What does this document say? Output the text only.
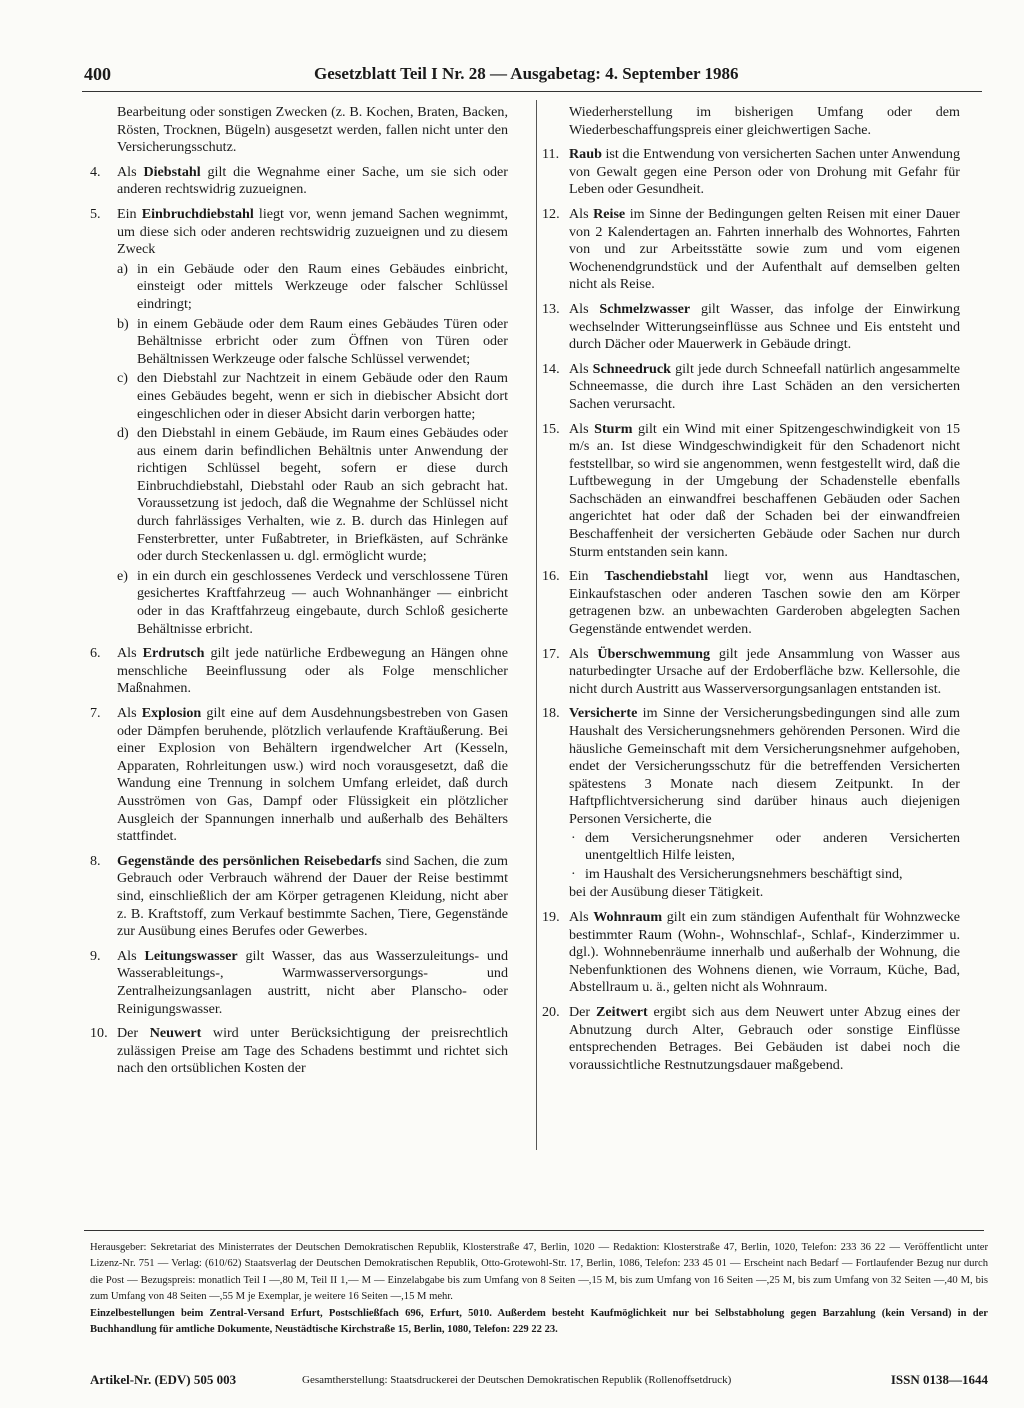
400	Gesetzblatt Teil I Nr. 28 — Ausgabetag: 4. September 1986
Bearbeitung oder sonstigen Zwecken (z. B. Kochen, Braten, Backen, Rösten, Trocknen, Bügeln) ausgesetzt werden, fallen nicht unter den Versicherungsschutz.
4. Als Diebstahl gilt die Wegnahme einer Sache, um sie sich oder anderen rechtswidrig zuzueignen.
5. Ein Einbruchdiebstahl liegt vor, wenn jemand Sachen wegnimmt, um diese sich oder anderen rechtswidrig zuzueignen und zu diesem Zweck
a) in ein Gebäude oder den Raum eines Gebäudes einbricht, einsteigt oder mittels Werkzeuge oder falscher Schlüssel eindringt;
b) in einem Gebäude oder dem Raum eines Gebäudes Türen oder Behältnisse erbricht oder zum Öffnen von Türen oder Behältnissen Werkzeuge oder falsche Schlüssel verwendet;
c) den Diebstahl zur Nachtzeit in einem Gebäude oder den Raum eines Gebäudes begeht, wenn er sich in diebischer Absicht dort eingeschlichen oder in dieser Absicht darin verborgen hatte;
d) den Diebstahl in einem Gebäude, im Raum eines Gebäudes oder aus einem darin befindlichen Behältnis unter Anwendung der richtigen Schlüssel begeht, sofern er diese durch Einbruchdiebstahl, Diebstahl oder Raub an sich gebracht hat. Voraussetzung ist jedoch, daß die Wegnahme der Schlüssel nicht durch fahrlässiges Verhalten, wie z. B. durch das Hinlegen auf Fensterbretter, unter Fußabtreter, in Briefkästen, auf Schränke oder durch Steckenlassen u. dgl. ermöglicht wurde;
e) in ein durch ein geschlossenes Verdeck und verschlossene Türen gesichertes Kraftfahrzeug — auch Wohnanhänger — einbricht oder in das Kraftfahrzeug eingebaute, durch Schloß gesicherte Behältnisse erbricht.
6. Als Erdrutsch gilt jede natürliche Erdbewegung an Hängen ohne menschliche Beeinflussung oder als Folge menschlicher Maßnahmen.
7. Als Explosion gilt eine auf dem Ausdehnungsbestreben von Gasen oder Dämpfen beruhende, plötzlich verlaufende Kraftäußerung. Bei einer Explosion von Behältern irgendwelcher Art (Kesseln, Apparaten, Rohrleitungen usw.) wird noch vorausgesetzt, daß die Wandung eine Trennung in solchem Umfang erleidet, daß durch Ausströmen von Gas, Dampf oder Flüssigkeit ein plötzlicher Ausgleich der Spannungen innerhalb und außerhalb des Behälters stattfindet.
8. Gegenstände des persönlichen Reisebedarfs sind Sachen, die zum Gebrauch oder Verbrauch während der Dauer der Reise bestimmt sind, einschließlich der am Körper getragenen Kleidung, nicht aber z. B. Kraftstoff, zum Verkauf bestimmte Sachen, Tiere, Gegenstände zur Ausübung eines Berufes oder Gewerbes.
9. Als Leitungswasser gilt Wasser, das aus Wasserzuleitungs- und Wasserableitungs-, Warmwasserversorgungs- und Zentralheizungsanlagen austritt, nicht aber Planscho- oder Reinigungswasser.
10. Der Neuwert wird unter Berücksichtigung der preisrechtlich zulässigen Preise am Tage des Schadens bestimmt und richtet sich nach den ortsüblichen Kosten der
Wiederherstellung im bisherigen Umfang oder dem Wiederbeschaffungspreis einer gleichwertigen Sache.
11. Raub ist die Entwendung von versicherten Sachen unter Anwendung von Gewalt gegen eine Person oder von Drohung mit Gefahr für Leben oder Gesundheit.
12. Als Reise im Sinne der Bedingungen gelten Reisen mit einer Dauer von 2 Kalendertagen an. Fahrten innerhalb des Wohnortes, Fahrten von und zur Arbeitsstätte sowie zum und vom eigenen Wochenendgrundstück und der Aufenthalt auf demselben gelten nicht als Reise.
13. Als Schmelzwasser gilt Wasser, das infolge der Einwirkung wechselnder Witterungseinflüsse aus Schnee und Eis entsteht und durch Dächer oder Mauerwerk in Gebäude dringt.
14. Als Schneedruck gilt jede durch Schneefall natürlich angesammelte Schneemasse, die durch ihre Last Schäden an den versicherten Sachen verursacht.
15. Als Sturm gilt ein Wind mit einer Spitzengeschwindigkeit von 15 m/s an. Ist diese Windgeschwindigkeit für den Schadenort nicht feststellbar, so wird sie angenommen, wenn festgestellt wird, daß die Luftbewegung in der Umgebung der Schadenstelle ebenfalls Sachschäden an einwandfrei beschaffenen Gebäuden oder Sachen angerichtet hat oder daß der Schaden bei der einwandfreien Beschaffenheit der versicherten Gebäude oder Sachen nur durch Sturm entstanden sein kann.
16. Ein Taschendiebstahl liegt vor, wenn aus Handtaschen, Einkaufstaschen oder anderen Taschen sowie den am Körper getragenen bzw. an unbewachten Garderoben abgelegten Sachen Gegenstände entwendet werden.
17. Als Überschwemmung gilt jede Ansammlung von Wasser aus naturbedingter Ursache auf der Erdoberfläche bzw. Kellersohle, die nicht durch Austritt aus Wasserversorgungsanlagen entstanden ist.
18. Versicherte im Sinne der Versicherungsbedingungen sind alle zum Haushalt des Versicherungsnehmers gehörenden Personen. Wird die häusliche Gemeinschaft mit dem Versicherungsnehmer aufgehoben, endet der Versicherungsschutz für die betreffenden Versicherten spätestens 3 Monate nach diesem Zeitpunkt. In der Haftpflichtversicherung sind darüber hinaus auch diejenigen Personen Versicherte, die
· dem Versicherungsnehmer oder anderen Versicherten unentgeltlich Hilfe leisten,
· im Haushalt des Versicherungsnehmers beschäftigt sind,
bei der Ausübung dieser Tätigkeit.
19. Als Wohnraum gilt ein zum ständigen Aufenthalt für Wohnzwecke bestimmter Raum (Wohn-, Wohnschlaf-, Schlaf-, Kinderzimmer u. dgl.). Wohnnebenräume innerhalb und außerhalb der Wohnung, die Nebenfunktionen des Wohnens dienen, wie Vorraum, Küche, Bad, Abstellraum u. ä., gelten nicht als Wohnraum.
20. Der Zeitwert ergibt sich aus dem Neuwert unter Abzug eines der Abnutzung durch Alter, Gebrauch oder sonstige Einflüsse entsprechenden Betrages. Bei Gebäuden ist dabei noch die voraussichtliche Restnutzungsdauer maßgebend.

Herausgeber: Sekretariat des Ministerrates der Deutschen Demokratischen Republik, Klosterstraße 47, Berlin, 1020 — Redaktion: Klosterstraße 47, Berlin, 1020, Telefon: 233 36 22 — Veröffentlicht unter Lizenz-Nr. 751 — Verlag: (610/62) Staatsverlag der Deutschen Demokratischen Republik, Otto-Grotewohl-Str. 17, Berlin, 1086, Telefon: 233 45 01 — Erscheint nach Bedarf — Fortlaufender Bezug nur durch die Post — Bezugspreis: monatlich Teil I —,80 M, Teil II 1,— M — Einzelabgabe bis zum Umfang von 8 Seiten —,15 M, bis zum Umfang von 16 Seiten —,25 M, bis zum Umfang von 32 Seiten —,40 M, bis zum Umfang von 48 Seiten —,55 M je Exemplar, je weitere 16 Seiten —,15 M mehr.

Einzelbestellungen beim Zentral-Versand Erfurt, Postschließfach 696, Erfurt, 5010. Außerdem besteht Kaufmöglichkeit nur bei Selbstabholung gegen Barzahlung (kein Versand) in der Buchhandlung für amtliche Dokumente, Neustädtische Kirchstraße 15, Berlin, 1080, Telefon: 229 22 23.

Artikel-Nr. (EDV) 505 003	Gesamtherstellung: Staatsdruckerei der Deutschen Demokratischen Republik (Rollenoffsetdruck)	ISSN 0138—1644
